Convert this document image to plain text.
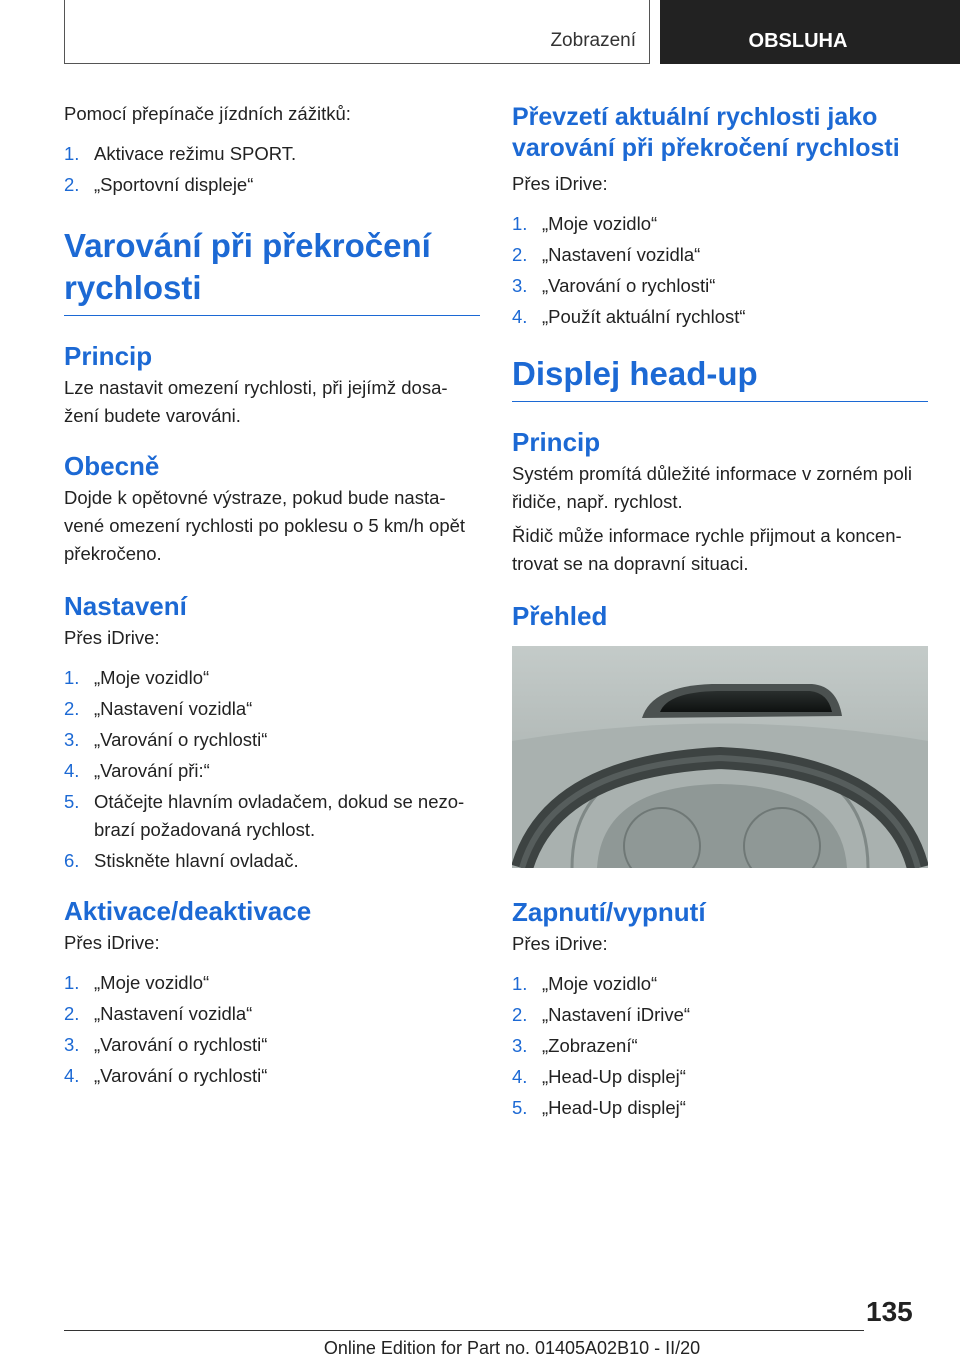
Zobrazení	OBSLUHA

Pomocí přepínače jízdních zážitků:

1. Aktivace režimu SPORT.
2. „Sportovní displeje“
Varování při překročení
rychlosti
Princip

Lze nastavit omezení rychlosti, při jejímž dosa-žení budete varováni.

Obecně

Dojde k opětovné výstraze, pokud bude nasta-vené omezení rychlosti po poklesu o 5 km/h opět překročeno.

Nastavení

Přes iDrive:

1. „Moje vozidlo“
2. „Nastavení vozidla“
3. „Varování o rychlosti“
4. „Varování při:“
5. Otáčejte hlavním ovladačem, dokud se nezo-brazí požadovaná rychlost.
6. Stiskněte hlavní ovladač.
Aktivace/deaktivace

Přes iDrive:

1. „Moje vozidlo“
2. „Nastavení vozidla“
3. „Varování o rychlosti“
4. „Varování o rychlosti“
Převzetí aktuální rychlosti jako
varování při překročení rychlosti

Přes iDrive:

1. „Moje vozidlo“
2. „Nastavení vozidla“
3. „Varování o rychlosti“
4. „Použít aktuální rychlost“
Displej head-up
Princip

Systém promítá důležité informace v zorném poli řidiče, např. rychlost.

Řidič může informace rychle přijmout a koncen-trovat se na dopravní situaci.

Přehled
Zapnutí/vypnutí

Přes iDrive:

1. „Moje vozidlo“
2. „Nastavení iDrive“
3. „Zobrazení“
4. „Head-Up displej“
5. „Head-Up displej“
135
Online Edition for Part no. 01405A02B10 - II/20
